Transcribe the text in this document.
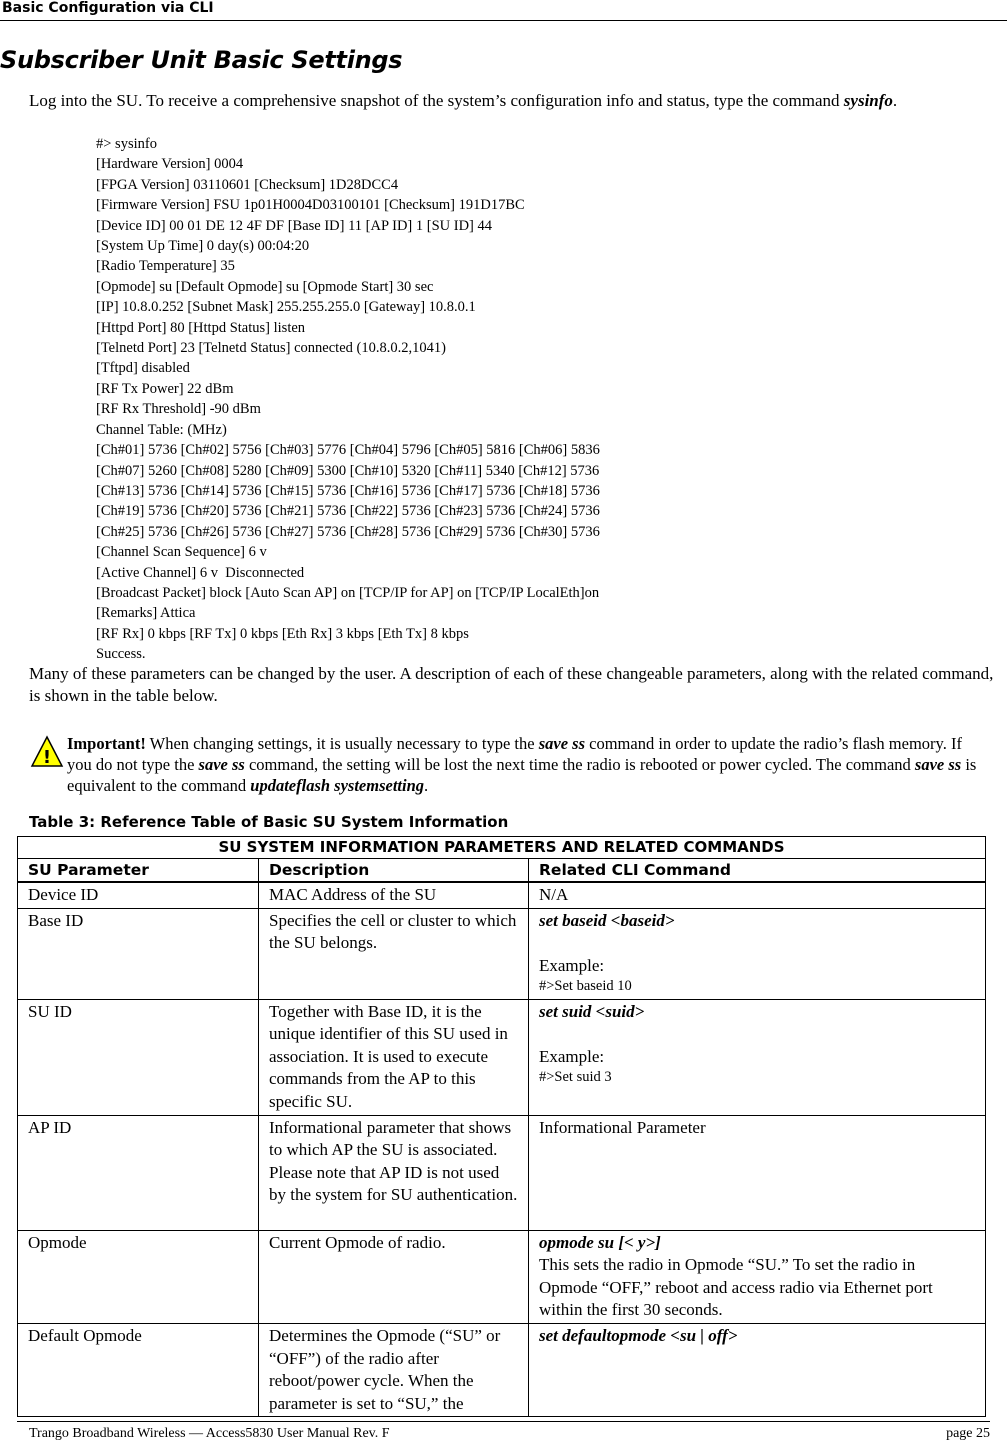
Basic Configuration via CLI
Subscriber Unit Basic Settings

Log into the SU. To receive a comprehensive snapshot of the system’s configuration info and status, type the command sysinfo.

#> sysinfo
[Hardware Version] 0004
[FPGA Version] 03110601 [Checksum] 1D28DCC4
[Firmware Version] FSU 1p01H0004D03100101 [Checksum] 191D17BC
[Device ID] 00 01 DE 12 4F DF [Base ID] 11 [AP ID] 1 [SU ID] 44
[System Up Time] 0 day(s) 00:04:20
[Radio Temperature] 35
[Opmode] su [Default Opmode] su [Opmode Start] 30 sec
[IP] 10.8.0.252 [Subnet Mask] 255.255.255.0 [Gateway] 10.8.0.1
[Httpd Port] 80 [Httpd Status] listen
[Telnetd Port] 23 [Telnetd Status] connected (10.8.0.2,1041)
[Tftpd] disabled
[RF Tx Power] 22 dBm
[RF Rx Threshold] -90 dBm
Channel Table: (MHz)
[Ch#01] 5736 [Ch#02] 5756 [Ch#03] 5776 [Ch#04] 5796 [Ch#05] 5816 [Ch#06] 5836
[Ch#07] 5260 [Ch#08] 5280 [Ch#09] 5300 [Ch#10] 5320 [Ch#11] 5340 [Ch#12] 5736
[Ch#13] 5736 [Ch#14] 5736 [Ch#15] 5736 [Ch#16] 5736 [Ch#17] 5736 [Ch#18] 5736
[Ch#19] 5736 [Ch#20] 5736 [Ch#21] 5736 [Ch#22] 5736 [Ch#23] 5736 [Ch#24] 5736
[Ch#25] 5736 [Ch#26] 5736 [Ch#27] 5736 [Ch#28] 5736 [Ch#29] 5736 [Ch#30] 5736
[Channel Scan Sequence] 6 v
[Active Channel] 6 v  Disconnected
[Broadcast Packet] block [Auto Scan AP] on [TCP/IP for AP] on [TCP/IP LocalEth]on
[Remarks] Attica
[RF Rx] 0 kbps [RF Tx] 0 kbps [Eth Rx] 3 kbps [Eth Tx] 8 kbps
Success.

Many of these parameters can be changed by the user. A description of each of these changeable parameters, along with the related command, is shown in the table below.

!

Important! When changing settings, it is usually necessary to type the save ss command in order to update the radio’s flash memory. If you do not type the save ss command, the setting will be lost the next time the radio is rebooted or power cycled. The command save ss is equivalent to the command updateflash systemsetting.

Table 3: Reference Table of Basic SU System Information

SU SYSTEM INFORMATION PARAMETERS AND RELATED COMMANDS		
SU Parameter	Description	Related CLI Command
Device ID	MAC Address of the SU	N/A

Base ID	Specifies the cell or cluster to which the SU belongs.	set baseid <baseid>

Example:
#>Set baseid 10

SU ID	Together with Base ID, it is the unique identifier of this SU used in association. It is used to execute commands from the AP to this specific SU.	set suid <suid>

Example:
#>Set suid 3

AP ID	Informational parameter that shows to which AP the SU is associated. Please note that AP ID is not used by the system for SU authentication.	Informational Parameter

Opmode	Current Opmode of radio.	opmode su [< y>]
This sets the radio in Opmode “SU.” To set the radio in Opmode “OFF,” reboot and access radio via Ethernet port within the first 30 seconds.

Default Opmode	Determines the Opmode (“SU” or “OFF”) of the radio after reboot/power cycle. When the parameter is set to “SU,” the	set defaultopmode <su | off>
Trango Broadband Wireless — Access5830 User Manual Rev. F	page 25
